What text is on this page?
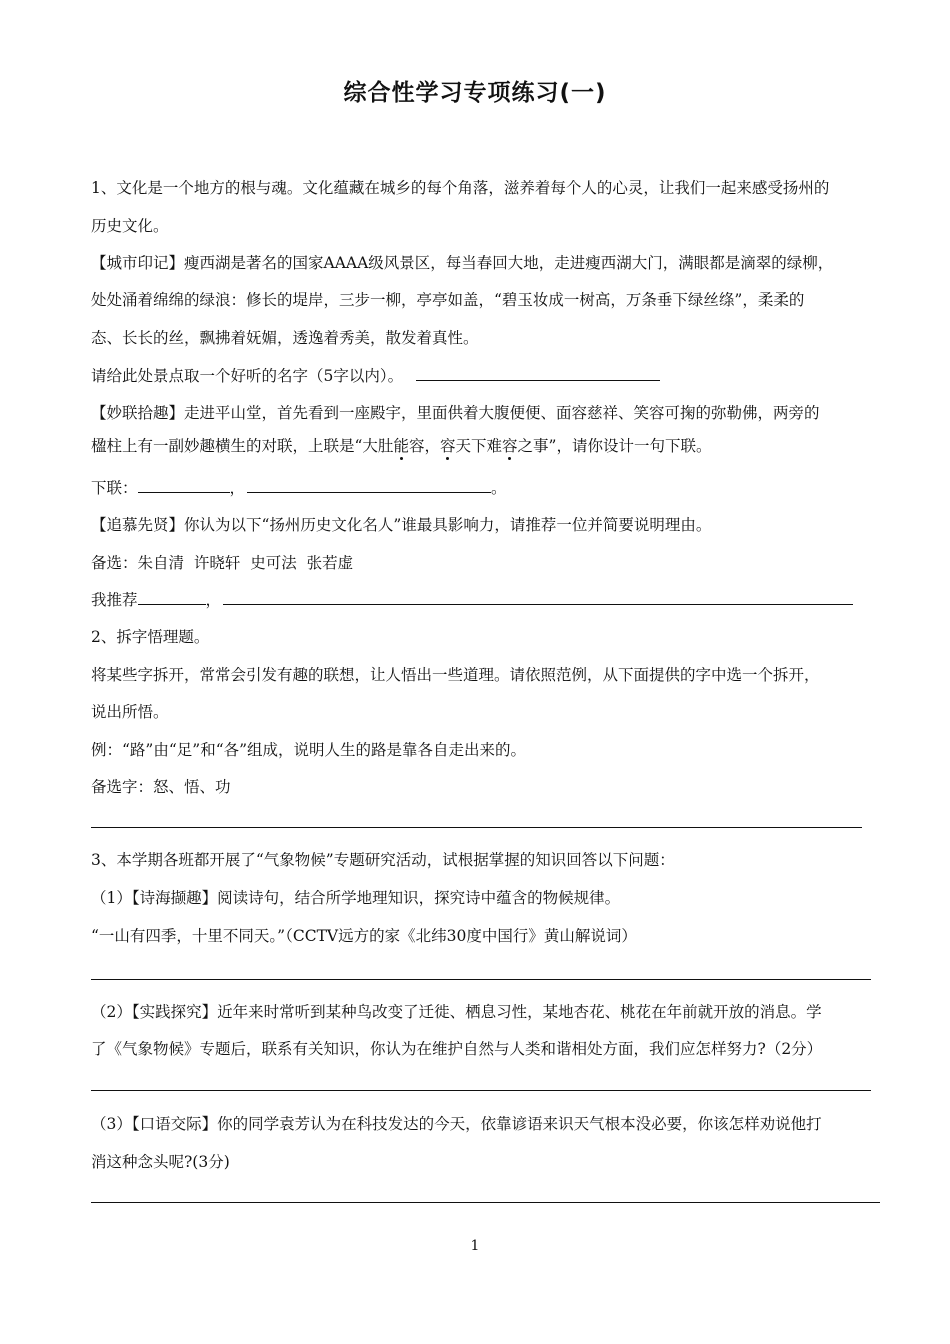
综合性学习专项练习(一)
1、文化是一个地方的根与魂。文化蕴藏在城乡的每个角落，滋养着每个人的心灵，让我们一起来感受扬州的
历史文化。
【城市印记】瘦西湖是著名的国家AAAA级风景区，每当春回大地，走进瘦西湖大门，满眼都是滴翠的绿柳，
处处涌着绵绵的绿浪：修长的堤岸，三步一柳，亭亭如盖，“碧玉妆成一树高，万条垂下绿丝绦”，柔柔的
态、长长的丝，飘拂着妩媚，透逸着秀美，散发着真性。
请给此处景点取一个好听的名字（5字以内）。
【妙联拾趣】走进平山堂，首先看到一座殿宇，里面供着大腹便便、面容慈祥、笑容可掬的弥勒佛，两旁的
楹柱上有一副妙趣横生的对联，上联是“大肚能容，容天下难容之事”，请你设计一句下联。
下联：	，	。
【追慕先贤】你认为以下“扬州历史文化名人”谁最具影响力，请推荐一位并简要说明理由。
备选：朱自清  许晓轩  史可法  张若虚
我推荐	，
2、拆字悟理题。
将某些字拆开，常常会引发有趣的联想，让人悟出一些道理。请依照范例，从下面提供的字中选一个拆开，
说出所悟。
例：“路”由“足”和“各”组成，说明人生的路是靠各自走出来的。
备选字：怒、悟、功
3、本学期各班都开展了“气象物候”专题研究活动，试根据掌握的知识回答以下问题：
（1）【诗海撷趣】阅读诗句，结合所学地理知识，探究诗中蕴含的物候规律。
“一山有四季，十里不同天。”（CCTV远方的家《北纬30度中国行》黄山解说词）
（2）【实践探究】近年来时常听到某种鸟改变了迁徙、栖息习性，某地杏花、桃花在年前就开放的消息。学
了《气象物候》专题后，联系有关知识，你认为在维护自然与人类和谐相处方面，我们应怎样努力?（2分）
（3）【口语交际】你的同学袁芳认为在科技发达的今天，依靠谚语来识天气根本没必要，你该怎样劝说他打
消这种念头呢?(3分)
1
